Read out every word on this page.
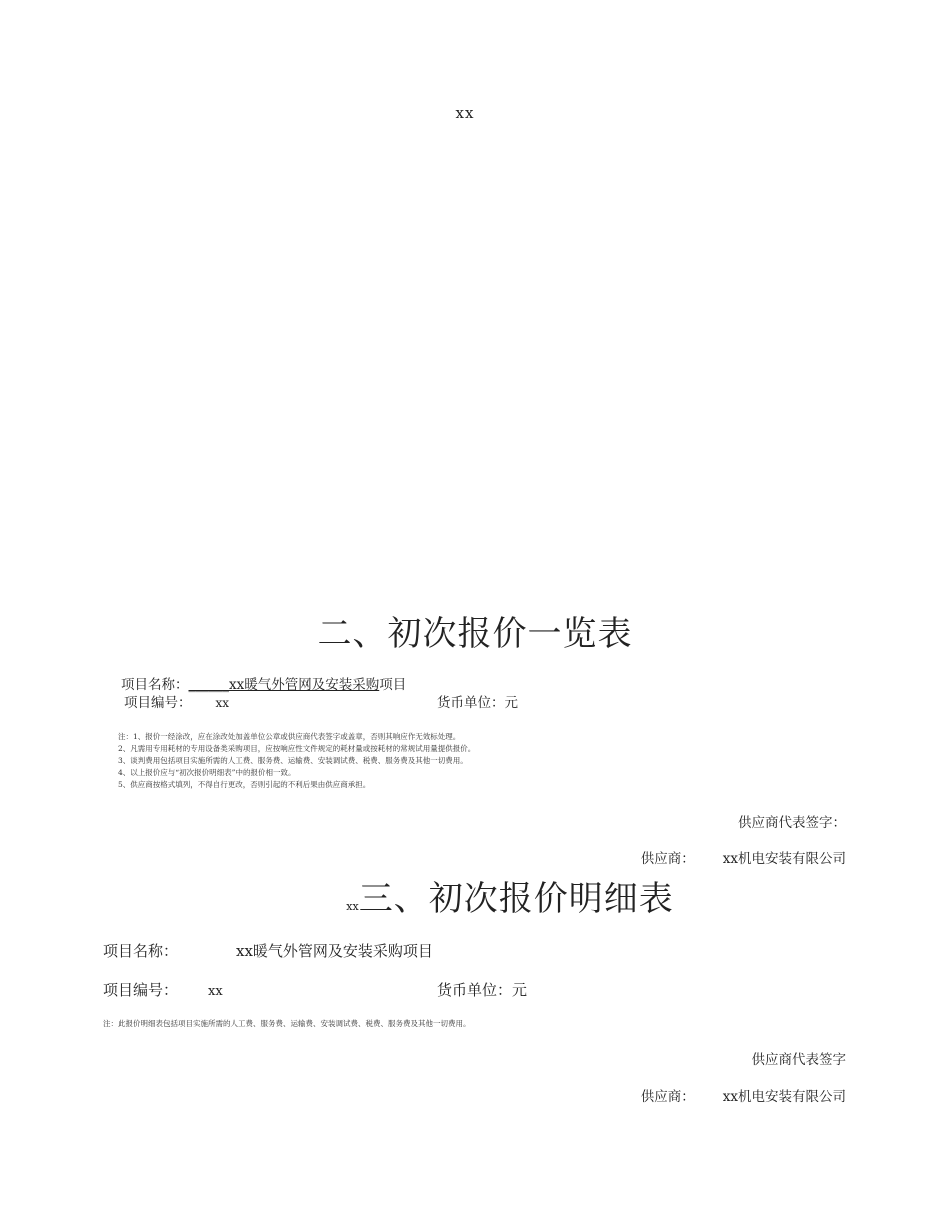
xx
二、初次报价一览表
项目名称：______xx暖气外管网及安装采购项目
项目编号： xx	货币单位：元
注：1、报价一经涂改，应在涂改处加盖单位公章或供应商代表签字或盖章，否则其响应作无效标处理。
2、凡需用专用耗材的专用设备类采购项目，应按响应性文件规定的耗材量或按耗材的常规试用量提供报价。
3、谈判费用包括项目实施所需的人工费、服务费、运输费、安装调试费、税费、服务费及其他一切费用。
4、以上报价应与“初次报价明细表”中的报价相一致。
5、供应商按格式填列，不得自行更改，否则引起的不利后果由供应商承担。
供应商代表签字：
供应商： xx机电安装有限公司
xx三、初次报价明细表
项目名称：	xx暖气外管网及安装采购项目
项目编号： xx	货币单位：元
注：此报价明细表包括项目实施所需的人工费、服务费、运输费、安装调试费、税费、服务费及其他一切费用。
供应商代表签字
供应商： xx机电安装有限公司
